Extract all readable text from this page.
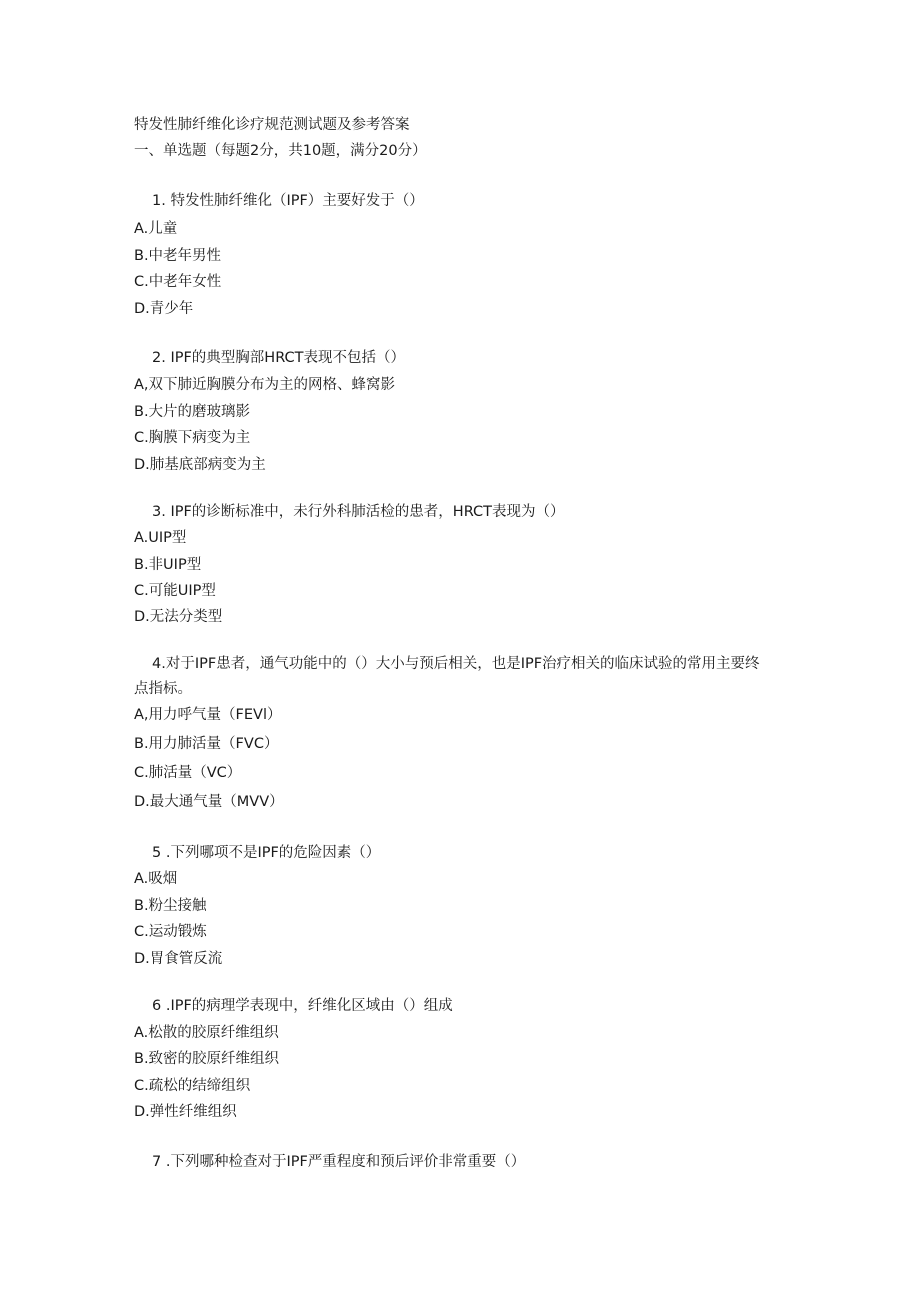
特发性肺纤维化诊疗规范测试题及参考答案
一、单选题（每题2分，共10题，满分20分）
1. 特发性肺纤维化（IPF）主要好发于（）
A.儿童
B.中老年男性
C.中老年女性
D.青少年
2. IPF的典型胸部HRCT表现不包括（）
A,双下肺近胸膜分布为主的网格、蜂窝影
B.大片的磨玻璃影
C.胸膜下病变为主
D.肺基底部病变为主
3. IPF的诊断标准中，未行外科肺活检的患者，HRCT表现为（）
A.UIP型
B.非UIP型
C.可能UIP型
D.无法分类型
4.对于IPF患者，通气功能中的（）大小与预后相关，也是IPF治疗相关的临床试验的常用主要终
点指标。
A,用力呼气量（FEVl）
B.用力肺活量（FVC）
C.肺活量（VC）
D.最大通气量（MVV）
5 .下列哪项不是IPF的危险因素（）
A.吸烟
B.粉尘接触
C.运动锻炼
D.胃食管反流
6 .IPF的病理学表现中，纤维化区域由（）组成
A.松散的胶原纤维组织
B.致密的胶原纤维组织
C.疏松的结缔组织
D.弹性纤维组织
7 .下列哪种检查对于IPF严重程度和预后评价非常重要（）
